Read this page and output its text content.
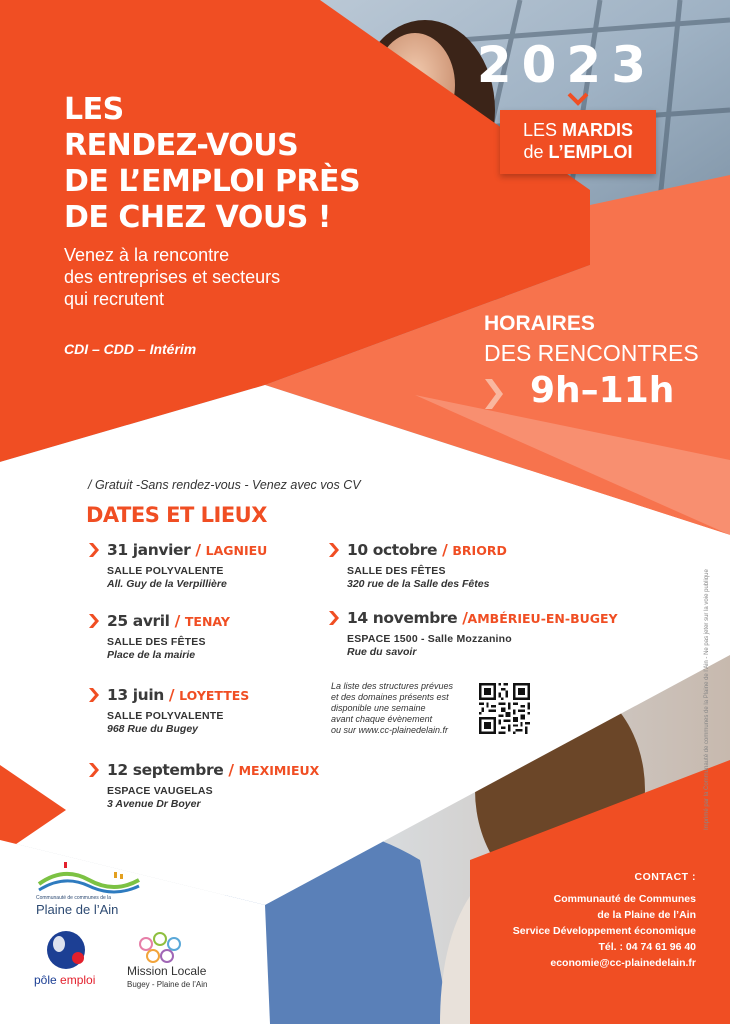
2023
LES MARDIS
de L’EMPLOI
LES
RENDEZ-VOUS
DE L’EMPLOI PRÈS
DE CHEZ VOUS !
Venez à la rencontre
des entreprises et secteurs
qui recrutent
CDI – CDD – Intérim
HORAIRES
DES RENCONTRES
9h–11h
/ Gratuit -Sans rendez-vous - Venez avec vos CV
DATES ET LIEUX
31 janvier / LAGNIEU
SALLE POLYVALENTE
All. Guy de la Verpillière
25 avril / TENAY
SALLE DES FÊTES
Place de la mairie
13 juin / LOYETTES
SALLE POLYVALENTE
968 Rue du Bugey
12 septembre / MEXIMIEUX
ESPACE VAUGELAS
3 Avenue Dr Boyer
10 octobre / BRIORD
SALLE DES FÊTES
320 rue de la Salle des Fêtes
14 novembre /AMBÉRIEU-EN-BUGEY
ESPACE 1500 - Salle Mozzanino
Rue du savoir
La liste des structures prévues
et des domaines présents est
disponible une semaine
avant chaque évènement
ou sur www.cc-plainedelain.fr	Imprimé par la Communauté de communes de la Plaine de l’Ain - Ne pas jeter sur la voie publique
CONTACT :
Communauté de Communes
de la Plaine de l’Ain
Service Développement économique
Tél. : 04 74 61 96 40
economie@cc-plainedelain.fr
Communauté de communes de la
Plaine de l’Ain
pôle emploi
Mission Locale
Bugey - Plaine de l’Ain
